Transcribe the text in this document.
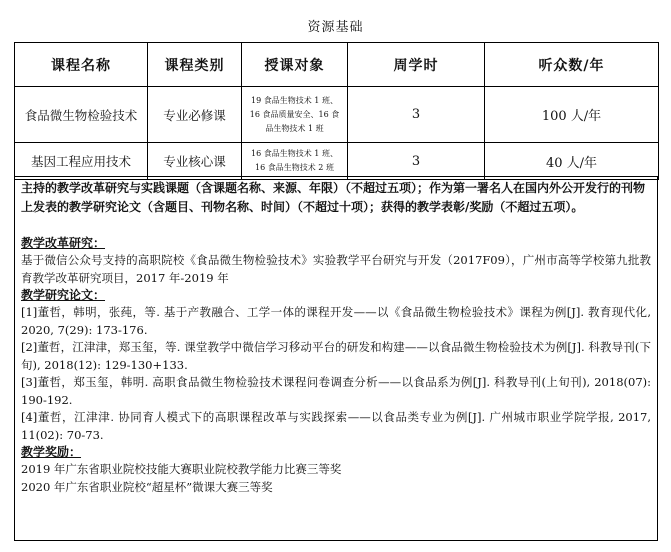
资源基础
课程名称	课程类别	授课对象	周学时	听众数/年
食品微生物检验技术	专业必修课	19 食品生物技术 1 班、
16 食品质量安全、16 食
品生物技术 1 班	3	100 人/年
基因工程应用技术	专业核心课	16 食品生物技术 1 班、
16 食品生物技术 2 班	3	40 人/年
主持的教学改革研究与实践课题（含课题名称、来源、年限）（不超过五项）；作为第一署名人在国内外公开发行的刊物上发表的教学研究论文（含题目、刊物名称、时间）（不超过十项）；获得的教学表彰/奖励（不超过五项）。
教学改革研究：
基于微信公众号支持的高职院校《食品微生物检验技术》实验教学平台研究与开发（2017F09），广州市高等学校第九批教育教学改革研究项目，2017 年-2019 年
教学研究论文：
[1]董哲，韩明，张莼，等. 基于产教融合、工学一体的课程开发——以《食品微生物检验技术》课程为例[J]. 教育现代化, 2020, 7(29): 173-176.
[2]董哲，江津津，郑玉玺，等. 课堂教学中微信学习移动平台的研发和构建——以食品微生物检验技术为例[J]. 科教导刊(下旬), 2018(12): 129-130+133.
[3]董哲，郑玉玺，韩明. 高职食品微生物检验技术课程问卷调查分析——以食品系为例[J]. 科教导刊(上旬刊), 2018(07): 190-192.
[4]董哲，江津津. 协同育人模式下的高职课程改革与实践探索——以食品类专业为例[J]. 广州城市职业学院学报, 2017, 11(02): 70-73.
教学奖励：
2019 年广东省职业院校技能大赛职业院校教学能力比赛三等奖
2020 年广东省职业院校“超星杯”微课大赛三等奖
